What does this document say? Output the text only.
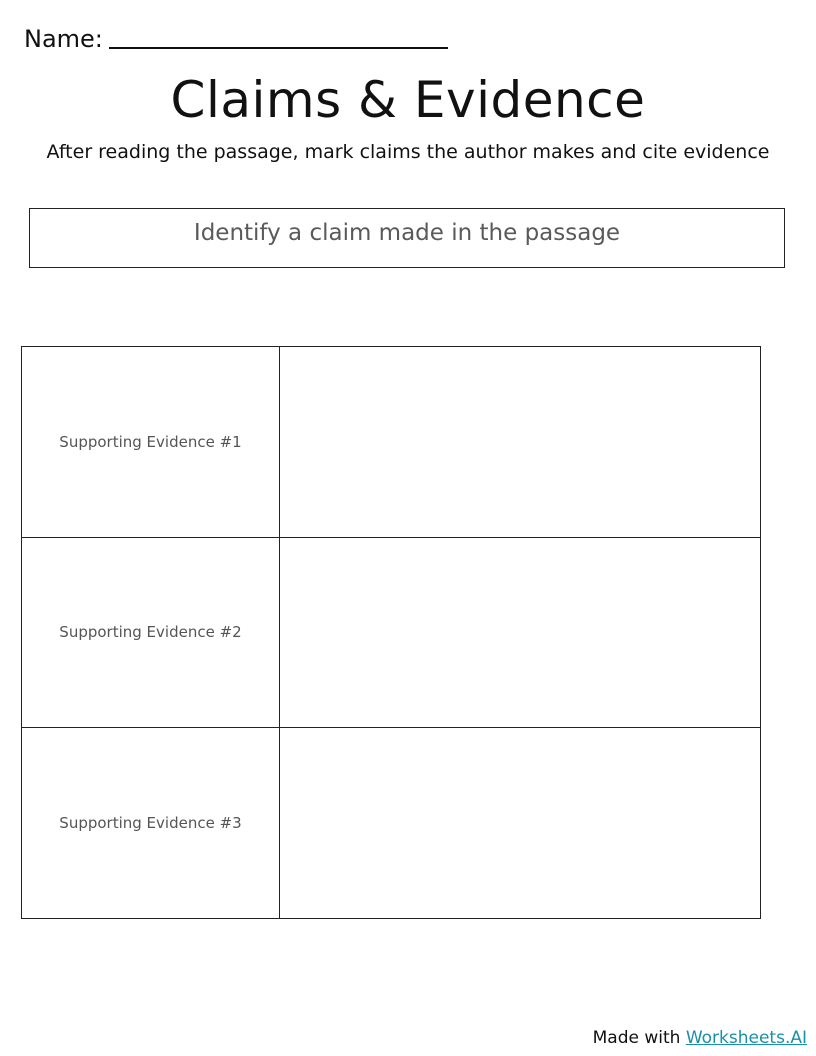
Name:
Claims & Evidence
After reading the passage, mark claims the author makes and cite evidence
Identify a claim made in the passage
Supporting Evidence #1	

Supporting Evidence #2	

Supporting Evidence #3	

Made with Worksheets.AI
